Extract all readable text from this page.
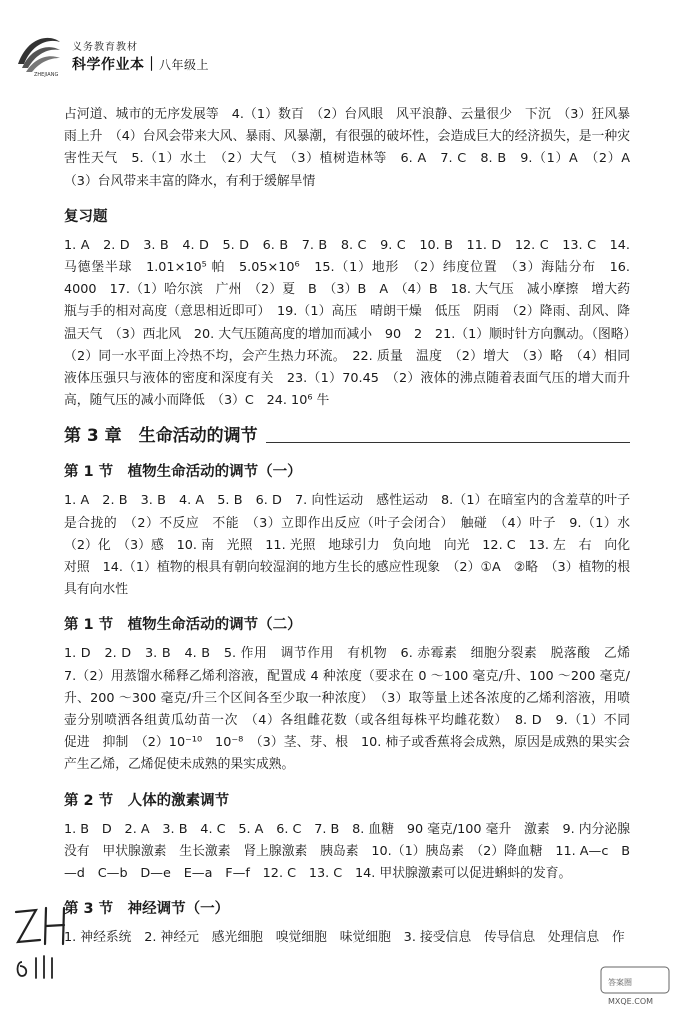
ZHEJIANG
义务教育教材
科学作业本｜八年级上
占河道、城市的无序发展等　4.（1）数百　（2）台风眼　风平浪静、云量很少　下沉　（3）狂风暴雨上升　（4）台风会带来大风、暴雨、风暴潮，有很强的破坏性，会造成巨大的经济损失，是一种灾害性天气　5.（1）水土　（2）大气　（3）植树造林等　6. A　7. C　8. B　9.（1）A　（2）A　（3）台风带来丰富的降水，有利于缓解旱情
复习题
1. A　2. D　3. B　4. D　5. D　6. B　7. B　8. C　9. C　10. B　11. D　12. C　13. C　14. 马德堡半球　1.01×10⁵ 帕　5.05×10⁶　15.（1）地形　（2）纬度位置　（3）海陆分布　16. 4000　17.（1）哈尔滨　广州　（2）夏　B　（3）B　A　（4）B　18. 大气压　减小摩擦　增大药瓶与手的相对高度（意思相近即可）　19.（1）高压　晴朗干燥　低压　阴雨　（2）降雨、刮风、降温天气　（3）西北风　20. 大气压随高度的增加而减小　90　2　21.（1）顺时针方向飘动。（图略）（2）同一水平面上冷热不均，会产生热力环流。　22. 质量　温度　（2）增大　（3）略　（4）相同　液体压强只与液体的密度和深度有关　23.（1）70.45　（2）液体的沸点随着表面气压的增大而升高，随气压的减小而降低　（3）C　24. 10⁶ 牛
第 3 章　生命活动的调节
第 1 节　植物生命活动的调节（一）
1. A　2. B　3. B　4. A　5. B　6. D　7. 向性运动　感性运动　8.（1）在暗室内的含羞草的叶子是合拢的　（2）不反应　不能　（3）立即作出反应（叶子会闭合）　触碰　（4）叶子　9.（1）水　（2）化　（3）感　10. 南　光照　11. 光照　地球引力　负向地　向光　12. C　13. 左　右　向化　对照　14.（1）植物的根具有朝向较湿润的地方生长的感应性现象　（2）①A　②略　（3）植物的根具有向水性
第 1 节　植物生命活动的调节（二）
1. D　2. D　3. B　4. B　5. 作用　调节作用　有机物　6. 赤霉素　细胞分裂素　脱落酸　乙烯　7.（2）用蒸馏水稀释乙烯利溶液，配置成 4 种浓度（要求在 0 ～100 毫克/升、100 ～200 毫克/升、200 ～300 毫克/升三个区间各至少取一种浓度）　（3）取等量上述各浓度的乙烯利溶液，用喷壶分别喷洒各组黄瓜幼苗一次　（4）各组雌花数（或各组每株平均雌花数）　8. D　9.（1）不同　促进　抑制　（2）10⁻¹⁰　10⁻⁸　（3）茎、芽、根　10. 柿子或香蕉将会成熟，原因是成熟的果实会产生乙烯，乙烯促使未成熟的果实成熟。
第 2 节　人体的激素调节
1. B　D　2. A　3. B　4. C　5. A　6. C　7. B　8. 血糖　90 毫克/100 毫升　激素　9. 内分泌腺　没有　甲状腺激素　生长激素　肾上腺激素　胰岛素　10.（1）胰岛素　（2）降血糖　11. A—c　B—d　C—b　D—e　E—a　F—f　12. C　13. C　14. 甲状腺激素可以促进蝌蚪的发育。
第 3 节　神经调节（一）
1. 神经系统　2. 神经元　感光细胞　嗅觉细胞　味觉细胞　3. 接受信息　传导信息　处理信息　作
答案圈
MXQE.COM
